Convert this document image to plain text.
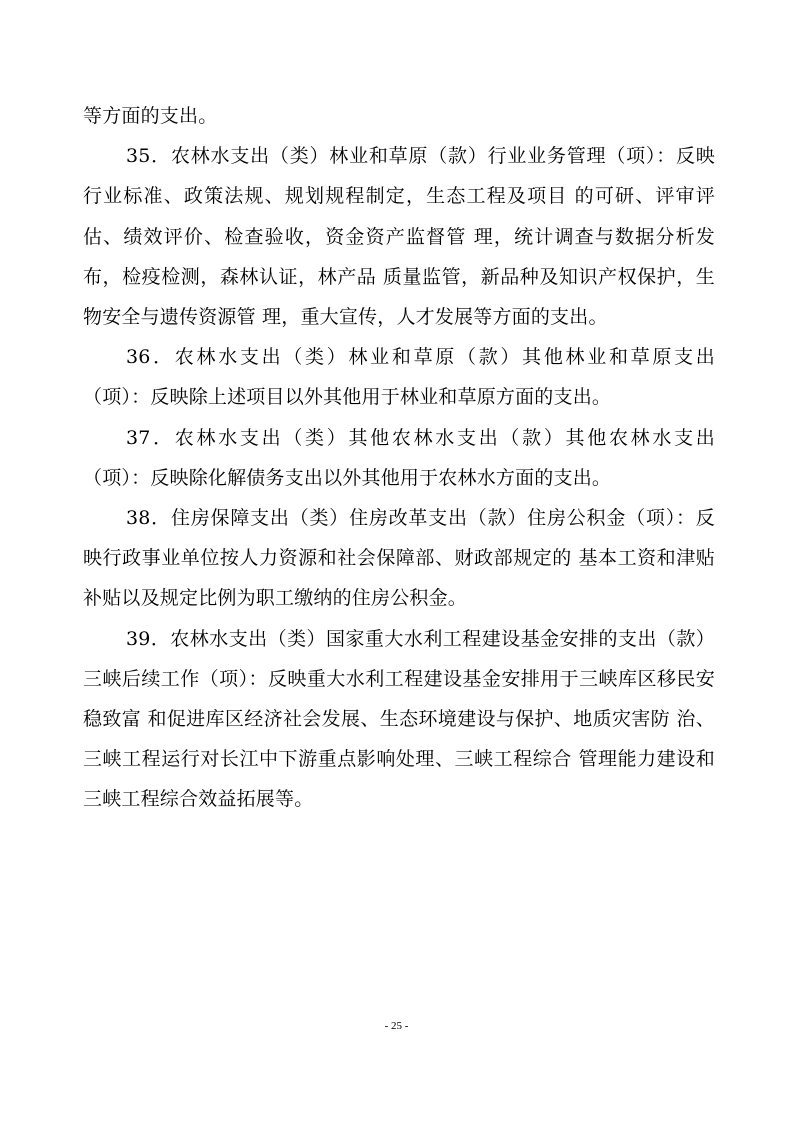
等方面的支出。

35．农林水支出（类）林业和草原（款）行业业务管理（项）：反映行业标准、政策法规、规划规程制定，生态工程及项目 的可研、评审评估、绩效评价、检查验收，资金资产监督管 理，统计调查与数据分析发布，检疫检测，森林认证，林产品 质量监管，新品种及知识产权保护，生物安全与遗传资源管 理，重大宣传，人才发展等方面的支出。

36．农林水支出（类）林业和草原（款）其他林业和草原支出（项）：反映除上述项目以外其他用于林业和草原方面的支出。

37．农林水支出（类）其他农林水支出（款）其他农林水支出（项）：反映除化解债务支出以外其他用于农林水方面的支出。

38．住房保障支出（类）住房改革支出（款）住房公积金（项）：反映行政事业单位按人力资源和社会保障部、财政部规定的 基本工资和津贴补贴以及规定比例为职工缴纳的住房公积金。

39．农林水支出（类）国家重大水利工程建设基金安排的支出（款）三峡后续工作（项）：反映重大水利工程建设基金安排用于三峡库区移民安稳致富 和促进库区经济社会发展、生态环境建设与保护、地质灾害防 治、三峡工程运行对长江中下游重点影响处理、三峡工程综合 管理能力建设和三峡工程综合效益拓展等。

- 25 -
